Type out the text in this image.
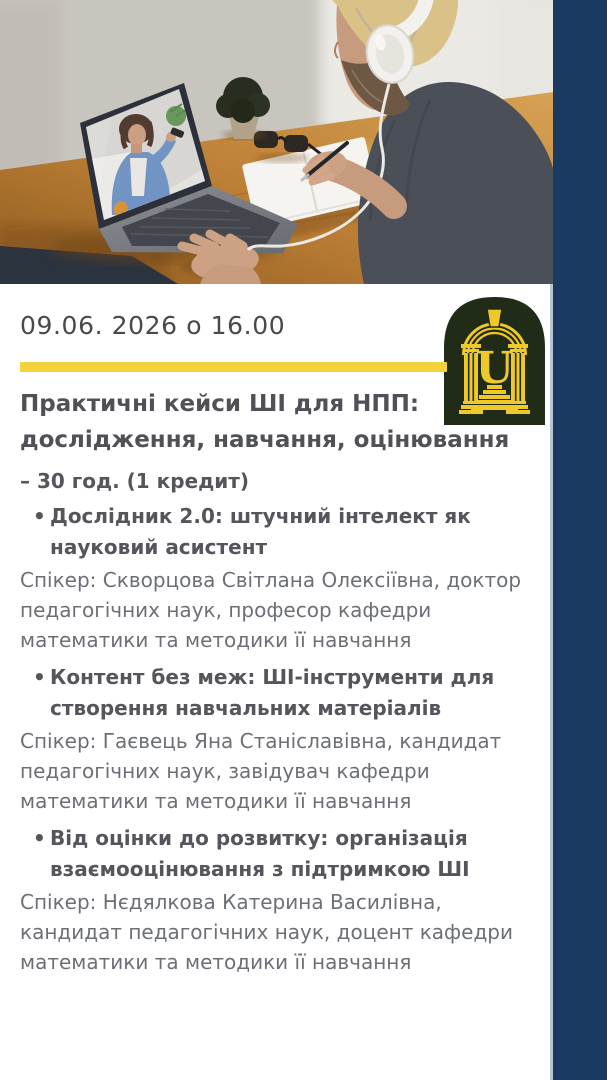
U
09.06. 2026 о 16.00
Практичні кейси ШІ для НПП:
дослідження, навчання, оцінювання
– 30 год. (1 кредит)
• Дослідник 2.0: штучний інтелект як науковий асистент
Спікер: Скворцова Світлана Олексіївна, доктор педагогічних наук, професор кафедри математики та методики її навчання
• Контент без меж: ШІ-інструменти для створення навчальних матеріалів
Спікер: Гаєвець Яна Станіславівна, кандидат педагогічних наук, завідувач кафедри математики та методики її навчання
• Від оцінки до розвитку: організація взаємооцінювання з підтримкою ШІ
Спікер: Нєдялкова Катерина Василівна, кандидат педагогічних наук, доцент кафедри математики та методики її навчання
